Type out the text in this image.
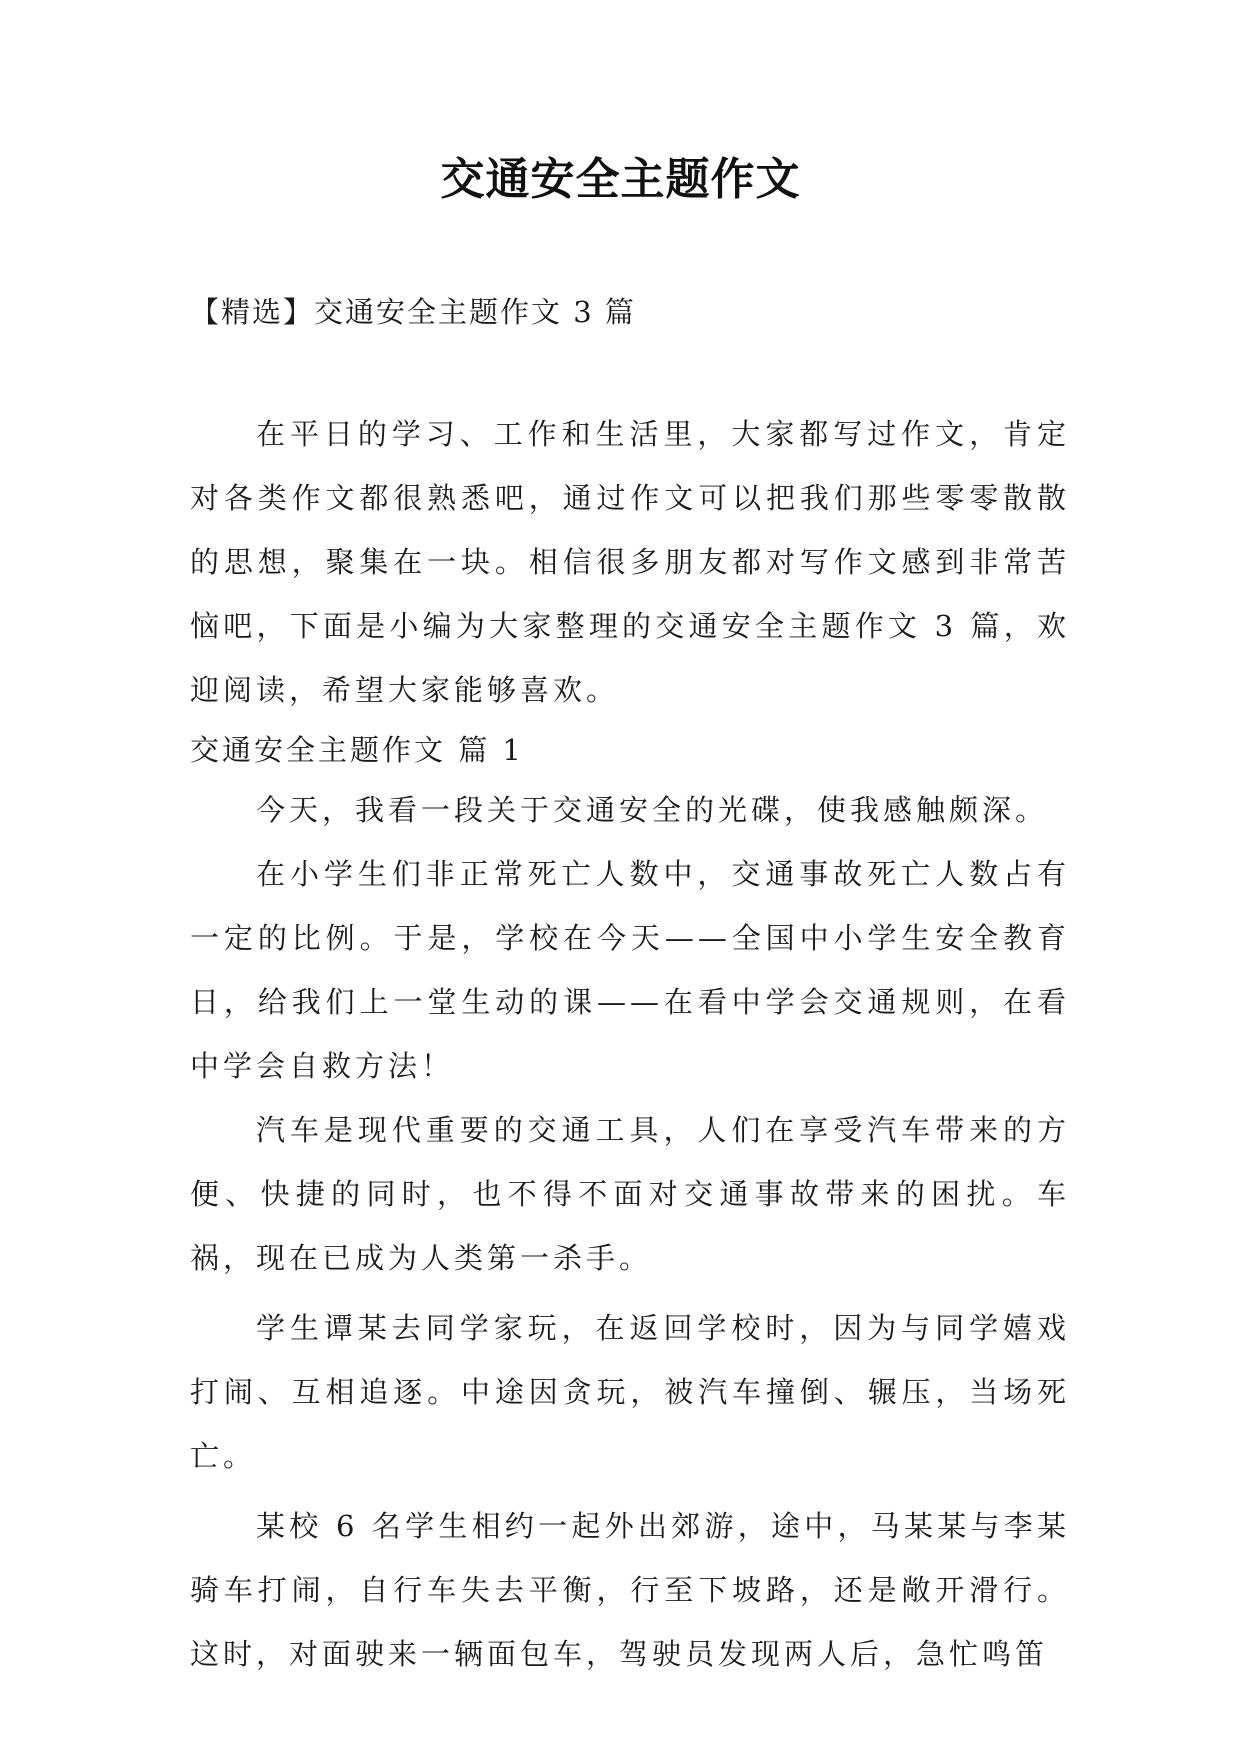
交通安全主题作文
【精选】交通安全主题作文 3 篇

在平日的学习、工作和生活里，大家都写过作文，肯定对各类作文都很熟悉吧，通过作文可以把我们那些零零散散的思想，聚集在一块。相信很多朋友都对写作文感到非常苦恼吧，下面是小编为大家整理的交通安全主题作文 3 篇，欢迎阅读，希望大家能够喜欢。

交通安全主题作文 篇 1

今天，我看一段关于交通安全的光碟，使我感触颇深。

在小学生们非正常死亡人数中，交通事故死亡人数占有一定的比例。于是，学校在今天——全国中小学生安全教育日，给我们上一堂生动的课——在看中学会交通规则，在看中学会自救方法！

汽车是现代重要的交通工具，人们在享受汽车带来的方便、快捷的同时，也不得不面对交通事故带来的困扰。车祸，现在已成为人类第一杀手。

学生谭某去同学家玩，在返回学校时，因为与同学嬉戏打闹、互相追逐。中途因贪玩，被汽车撞倒、辗压，当场死亡。

某校 6 名学生相约一起外出郊游，途中，马某某与李某骑车打闹，自行车失去平衡，行至下坡路，还是敞开滑行。这时，对面驶来一辆面包车，驾驶员发现两人后，急忙鸣笛
